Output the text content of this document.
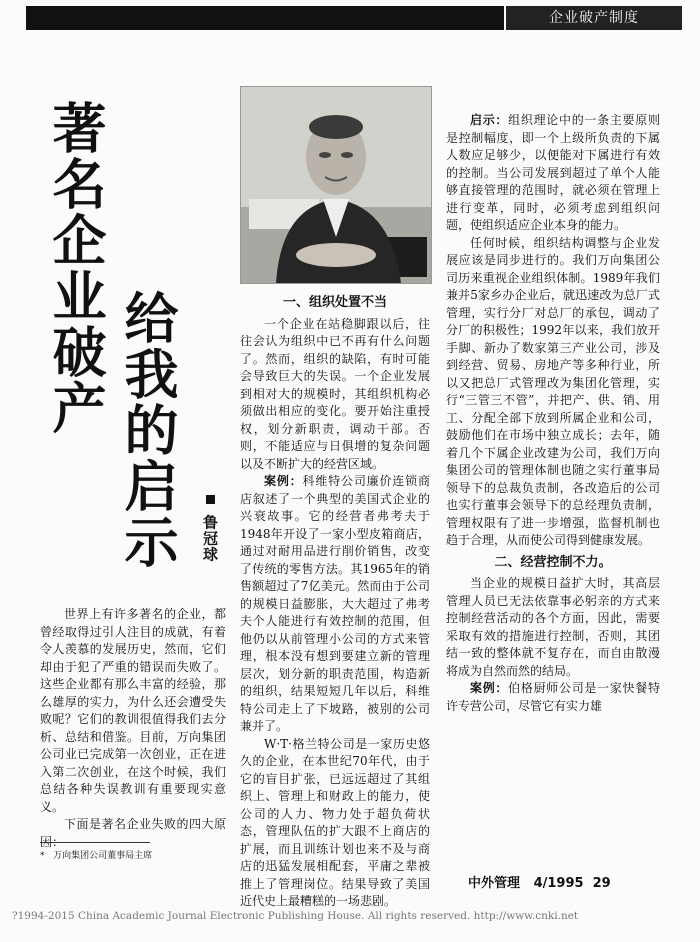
企业破产制度
著名企业破产 给我的启示 鲁冠球

世界上有许多著名的企业，都曾经取得过引人注目的成就，有着令人羡慕的发展历史，然而，它们却由于犯了严重的错误而失败了。这些企业都有那么丰富的经验，那么雄厚的实力，为什么还会遭受失败呢？它们的教训很值得我们去分析、总结和借鉴。目前，万向集团公司业已完成第一次创业，正在进入第二次创业，在这个时候，我们总结各种失误教训有重要现实意义。

下面是著名企业失败的四大原因：

* 万向集团公司董事局主席
一、组织处置不当

一个企业在站稳脚跟以后，往往会认为组织中已不再有什么问题了。然而，组织的缺陷，有时可能会导致巨大的失误。一个企业发展到相对大的规模时，其组织机构必须做出相应的变化。要开始注重授权，划分新职责，调动干部。否则，不能适应与日俱增的复杂问题以及不断扩大的经营区域。

案例：科维特公司廉价连锁商店叙述了一个典型的美国式企业的兴衰故事。它的经营者弗考夫于1948年开设了一家小型皮箱商店，通过对耐用品进行削价销售，改变了传统的零售方法。其1965年的销售额超过了7亿美元。然而由于公司的规模日益膨胀，大大超过了弗考夫个人能进行有效控制的范围，但他仍以从前管理小公司的方式来管理，根本没有想到要建立新的管理层次，划分新的职责范围，构造新的组织，结果短短几年以后，科维特公司走上了下坡路，被别的公司兼并了。

W·T·格兰特公司是一家历史悠久的企业，在本世纪70年代，由于它的盲目扩张，已远远超过了其组织上、管理上和财政上的能力，使公司的人力、物力处于超负荷状态，管理队伍的扩大跟不上商店的扩展，而且训练计划也来不及与商店的迅猛发展相配套，平庸之辈被推上了管理岗位。结果导致了美国近代史上最糟糕的一场悲剧。

启示：组织理论中的一条主要原则是控制幅度，即一个上级所负责的下属人数应足够少，以便能对下属进行有效的控制。当公司发展到超过了单个人能够直接管理的范围时，就必须在管理上进行变革，同时，必须考虑到组织问题，使组织适应企业本身的能力。

任何时候，组织结构调整与企业发展应该是同步进行的。我们万向集团公司历来重视企业组织体制。1989年我们兼并5家乡办企业后，就迅速改为总厂式管理，实行分厂对总厂的承包，调动了分厂的积极性；1992年以来，我们放开手脚、新办了数家第三产业公司，涉及到经营、贸易、房地产等多种行业，所以又把总厂式管理改为集团化管理，实行“三管三不管”，并把产、供、销、用工、分配全部下放到所属企业和公司，鼓励他们在市场中独立成长；去年，随着几个下属企业改建为公司，我们万向集团公司的管理体制也随之实行董事局领导下的总裁负责制，各改造后的公司也实行董事会领导下的总经理负责制，管理权限有了进一步增强，监督机制也趋于合理，从而使公司得到健康发展。

二、经营控制不力。

当企业的规模日益扩大时，其高层管理人员已无法依靠事必躬亲的方式来控制经营活动的各个方面，因此，需要采取有效的措施进行控制，否则，其团结一致的整体就不复存在，而自由散漫将成为自然而然的结局。

案例：伯格厨师公司是一家快餐特许专营公司，尽管它有实力雄

中外管理 4/1995 29
?1994-2015 China Academic Journal Electronic Publishing House. All rights reserved. http://www.cnki.net
